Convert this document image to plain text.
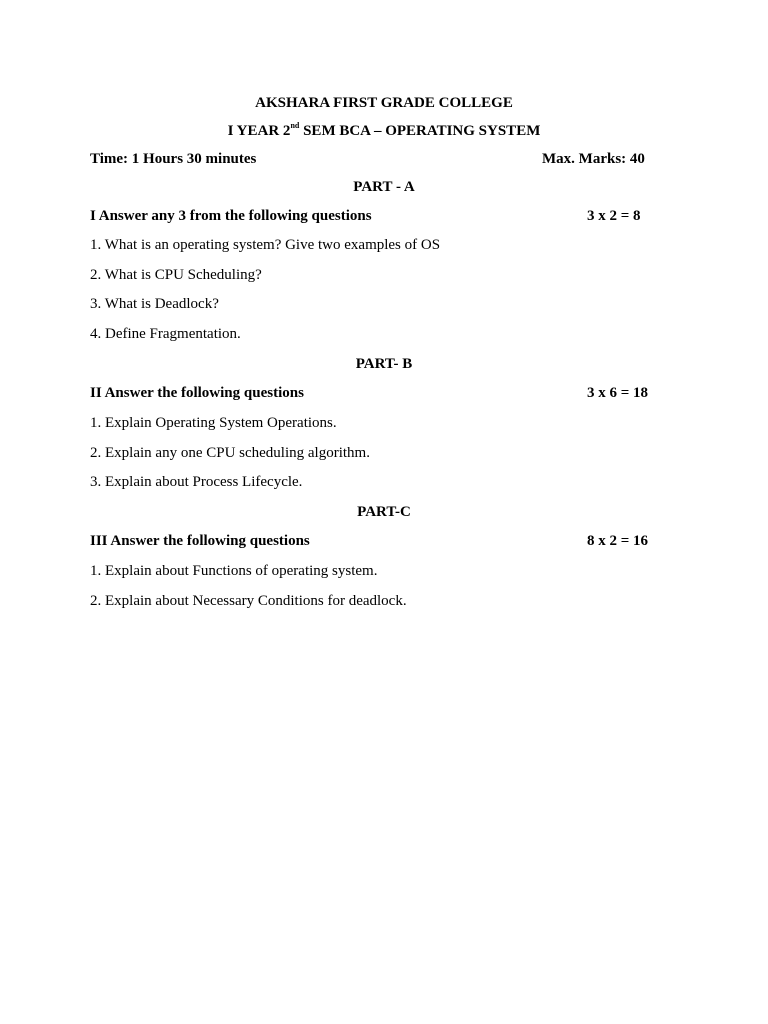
AKSHARA FIRST GRADE COLLEGE
I YEAR 2nd SEM BCA – OPERATING SYSTEM
Time: 1 Hours 30 minutes	Max. Marks: 40
PART - A
I Answer any 3 from the following questions	3 x 2 = 8
1. What is an operating system? Give two examples of OS
2. What is CPU Scheduling?
3. What is Deadlock?
4. Define Fragmentation.
PART- B
II Answer the following questions	3 x 6 = 18
1. Explain Operating System Operations.
2. Explain any one CPU scheduling algorithm.
3. Explain about Process Lifecycle.
PART-C
III Answer the following questions	8 x 2 = 16
1. Explain about Functions of operating system.
2. Explain about Necessary Conditions for deadlock.
